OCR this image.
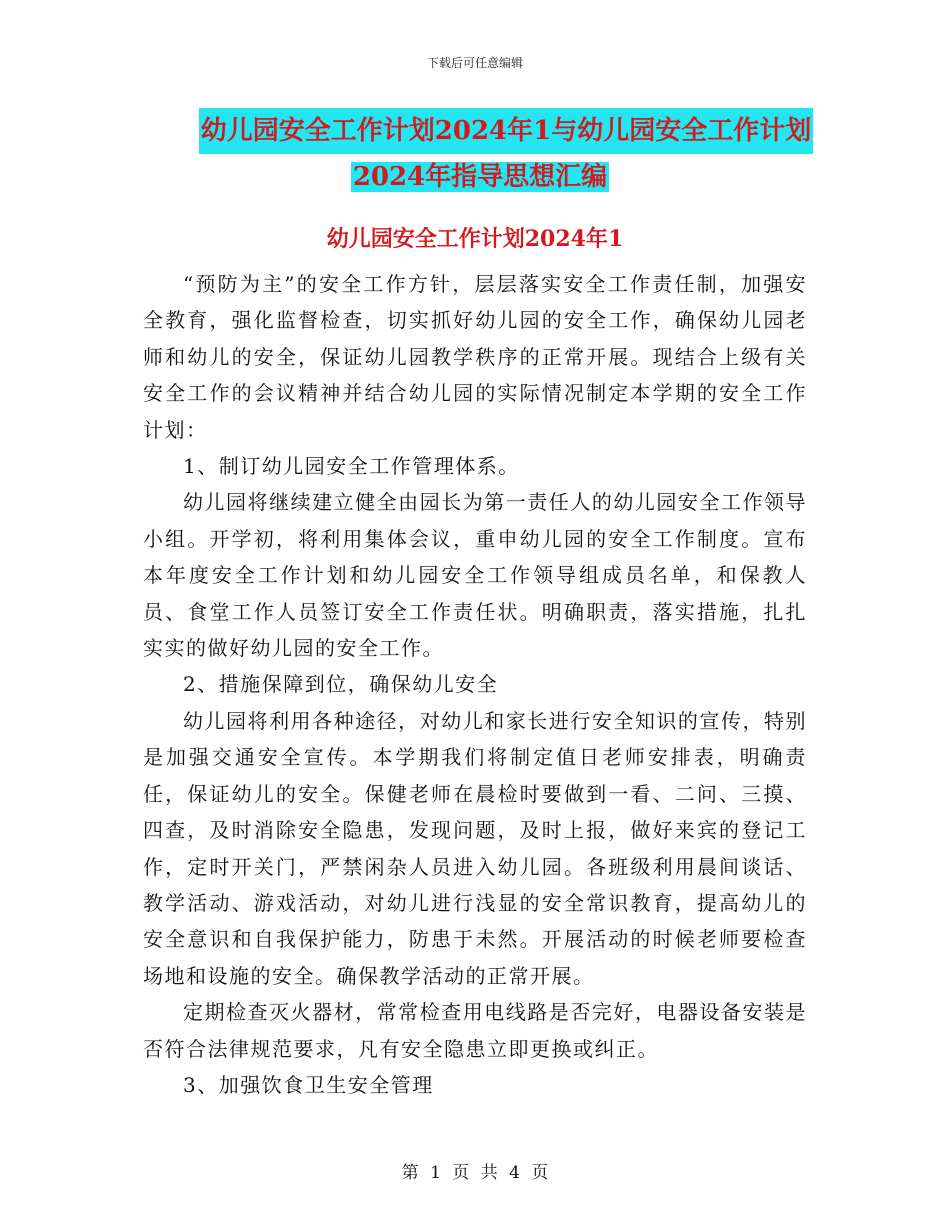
下载后可任意编辑
幼儿园安全工作计划2024年1与幼儿园安全工作计划
2024年指导思想汇编
幼儿园安全工作计划2024年1

“预防为主”的安全工作方针，层层落实安全工作责任制，加强安全教育，强化监督检查，切实抓好幼儿园的安全工作，确保幼儿园老师和幼儿的安全，保证幼儿园教学秩序的正常开展。现结合上级有关安全工作的会议精神并结合幼儿园的实际情况制定本学期的安全工作计划：

1、制订幼儿园安全工作管理体系。

幼儿园将继续建立健全由园长为第一责任人的幼儿园安全工作领导小组。开学初，将利用集体会议，重申幼儿园的安全工作制度。宣布本年度安全工作计划和幼儿园安全工作领导组成员名单，和保教人员、食堂工作人员签订安全工作责任状。明确职责，落实措施，扎扎实实的做好幼儿园的安全工作。

2、措施保障到位，确保幼儿安全

幼儿园将利用各种途径，对幼儿和家长进行安全知识的宣传，特别是加强交通安全宣传。本学期我们将制定值日老师安排表，明确责任，保证幼儿的安全。保健老师在晨检时要做到一看、二问、三摸、四查，及时消除安全隐患，发现问题，及时上报，做好来宾的登记工作，定时开关门，严禁闲杂人员进入幼儿园。各班级利用晨间谈话、教学活动、游戏活动，对幼儿进行浅显的安全常识教育，提高幼儿的安全意识和自我保护能力，防患于未然。开展活动的时候老师要检查场地和设施的安全。确保教学活动的正常开展。

定期检查灭火器材，常常检查用电线路是否完好，电器设备安装是否符合法律规范要求，凡有安全隐患立即更换或纠正。

3、加强饮食卫生安全管理

第 1 页 共 4 页
